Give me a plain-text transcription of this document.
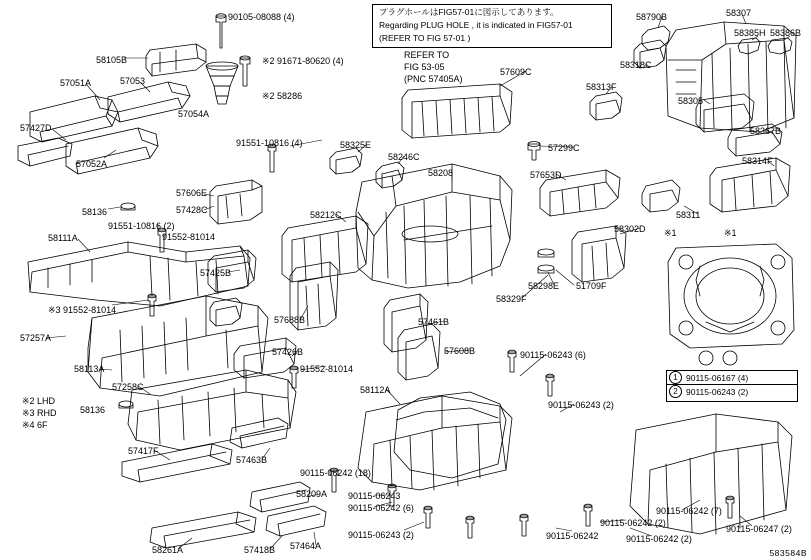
プラグホールはFIG57-01に図示してあります。
Regarding PLUG HOLE , it is indicated in FIG57-01
(REFER TO FIG 57-01 )
REFER TO
FIG 53-05
(PNC 57405A)
1 90115-06167 (4)
2 90115-06243 (2)
※2 LHD
※3 RHD
※4 6F
90105-08088 (4)
58105B	※2 91671-80620 (4)
57051A	57053
※2 58286
57054A
57427D
57052A
91551-10816 (4)
57606E
58136	57428C
91551-10816 (2)
58111A	91552-81014
57425B
※3 91552-81014
57257A
57688B
57426B
58113A	91552-81014
57258C	58112A
58136
57417F
57463B
90115-06242 (18)
58209A
58261A	57418B 57464A
58325E
58246C
58208
58212C
57461B
57608B
58329F
58298E 51709F
57609C
57299C
57653D
58313F
58318C
58790B	58307
58385H 58386B
58305
58367B
58314F
58302D
58311
※1	※1
90115-06243 (6)
90115-06243 (2)
90115-06243
90115-06242 (6)
90115-06243 (2)	90115-06242
90115-06242 (2)
90115-06242 (7)
90115-06242 (2)
90115-06247 (2)
583584B
